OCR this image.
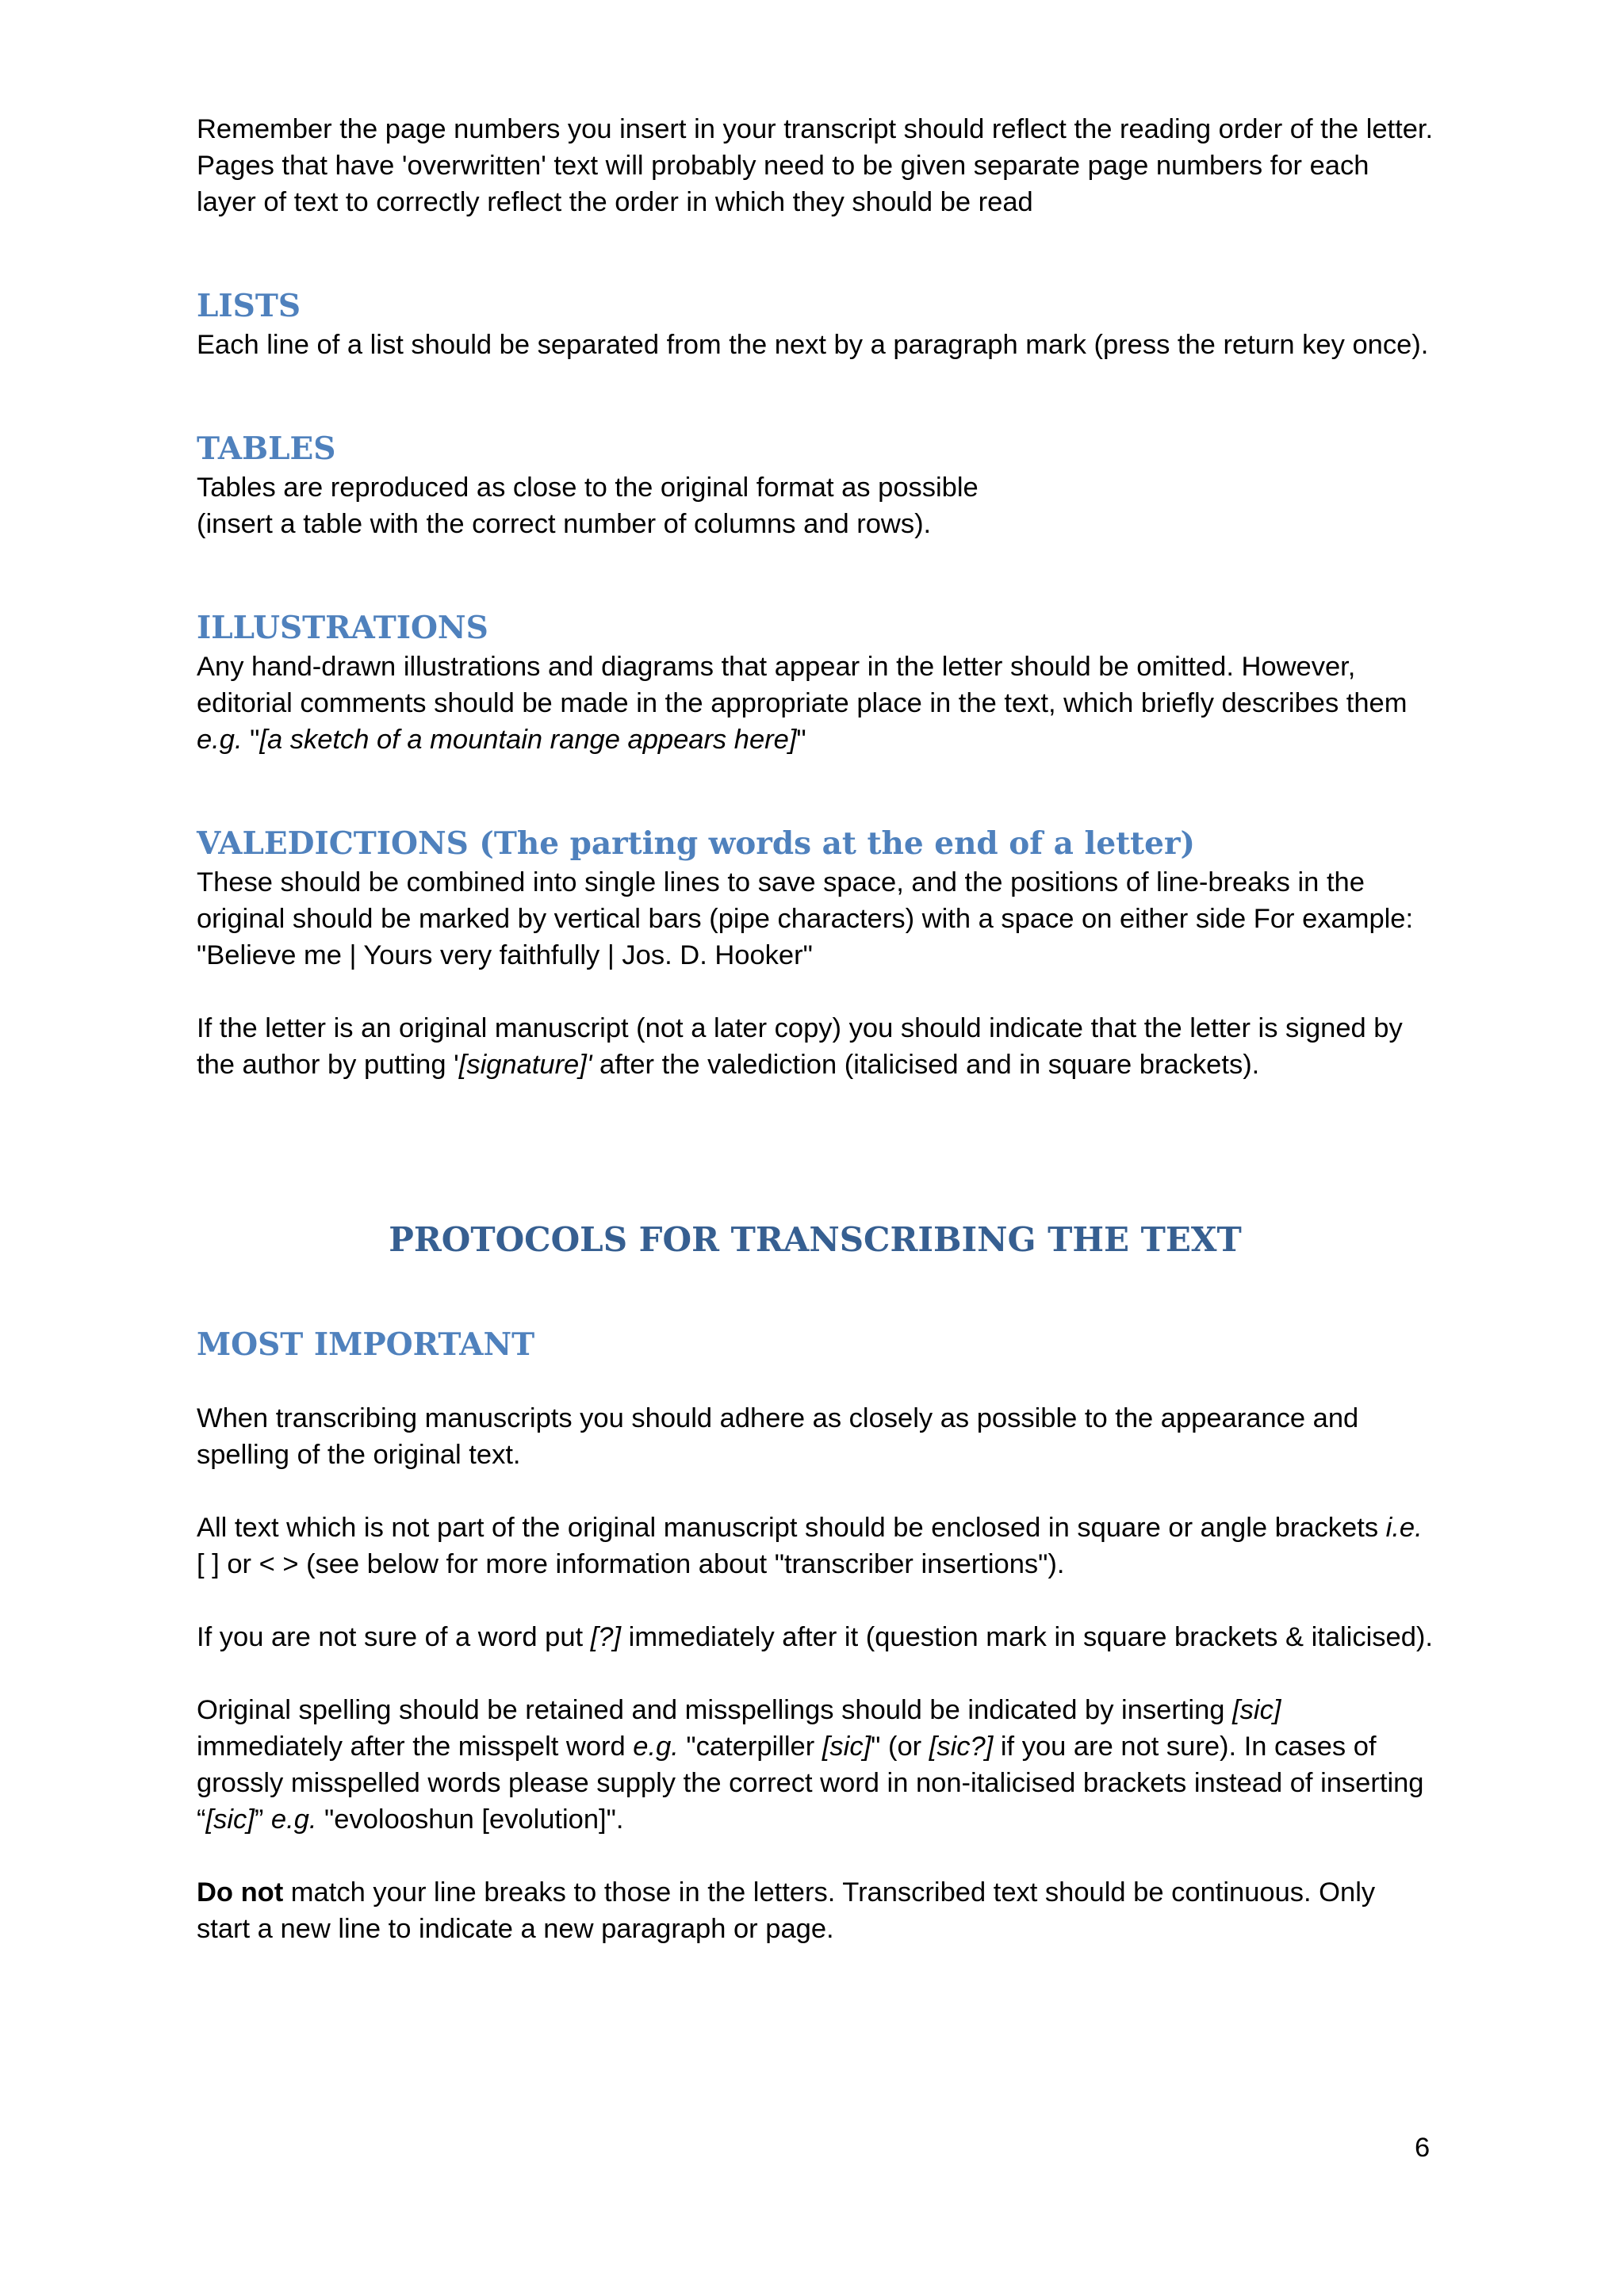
Remember the page numbers you insert in your transcript should reflect the reading order of the letter. Pages that have 'overwritten' text will probably need to be given separate page numbers for each layer of text to correctly reflect the order in which they should be read

LISTS

Each line of a list should be separated from the next by a paragraph mark (press the return key once).

TABLES

Tables are reproduced as close to the original format as possible
(insert a table with the correct number of columns and rows).

ILLUSTRATIONS

Any hand-drawn illustrations and diagrams that appear in the letter should be omitted. However, editorial comments should be made in the appropriate place in the text, which briefly describes them e.g. "[a sketch of a mountain range appears here]"

VALEDICTIONS (The parting words at the end of a letter)

These should be combined into single lines to save space, and the positions of line-breaks in the original should be marked by vertical bars (pipe characters) with a space on either side For example:
"Believe me | Yours very faithfully | Jos. D. Hooker"

If the letter is an original manuscript (not a later copy) you should indicate that the letter is signed by the author by putting '[signature]' after the valediction (italicised and in square brackets).

PROTOCOLS FOR TRANSCRIBING THE TEXT
MOST IMPORTANT

When transcribing manuscripts you should adhere as closely as possible to the appearance and spelling of the original text.

All text which is not part of the original manuscript should be enclosed in square or angle brackets i.e. [ ] or < > (see below for more information about "transcriber insertions").

If you are not sure of a word put [?] immediately after it (question mark in square brackets & italicised).

Original spelling should be retained and misspellings should be indicated by inserting [sic] immediately after the misspelt word e.g. "caterpiller [sic]" (or [sic?] if you are not sure). In cases of grossly misspelled words please supply the correct word in non-italicised brackets instead of inserting “[sic]” e.g. "evolooshun [evolution]".

Do not match your line breaks to those in the letters. Transcribed text should be continuous. Only start a new line to indicate a new paragraph or page.

6
